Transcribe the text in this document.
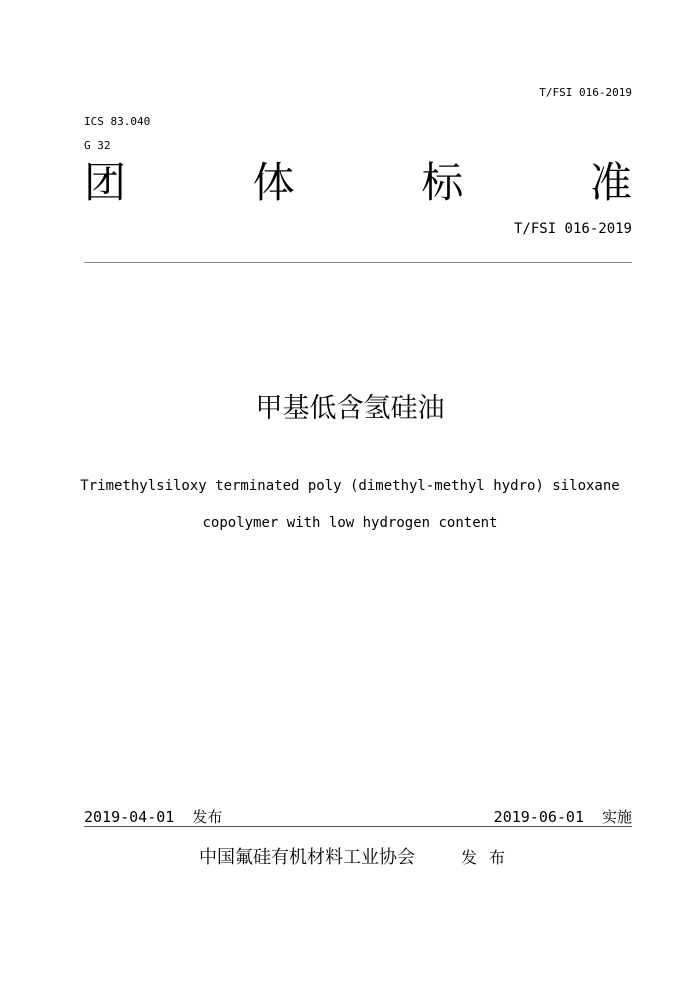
T/FSI 016-2019
ICS 83.040
G 32
团	体	标	准
T/FSI 016-2019
甲基低含氢硅油
Trimethylsiloxy terminated poly (dimethyl-methyl hydro) siloxane
copolymer with low hydrogen content
2019-04-01 发布	2019-06-01 实施
中国氟硅有机材料工业协会	发布
